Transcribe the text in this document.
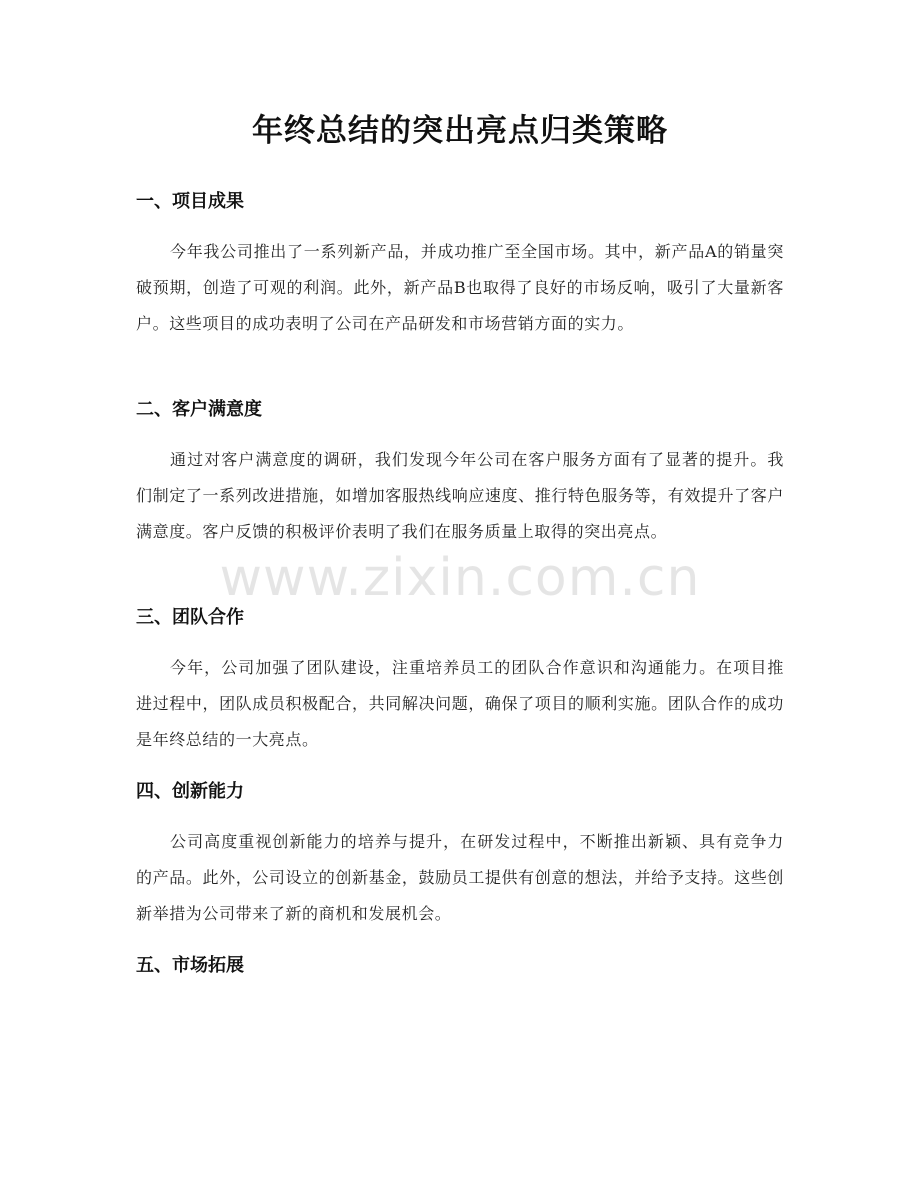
年终总结的突出亮点归类策略
一、项目成果

今年我公司推出了一系列新产品，并成功推广至全国市场。其中，新产品A的销量突破预期，创造了可观的利润。此外，新产品B也取得了良好的市场反响，吸引了大量新客户。这些项目的成功表明了公司在产品研发和市场营销方面的实力。

二、客户满意度

通过对客户满意度的调研，我们发现今年公司在客户服务方面有了显著的提升。我们制定了一系列改进措施，如增加客服热线响应速度、推行特色服务等，有效提升了客户满意度。客户反馈的积极评价表明了我们在服务质量上取得的突出亮点。

三、团队合作

今年，公司加强了团队建设，注重培养员工的团队合作意识和沟通能力。在项目推进过程中，团队成员积极配合，共同解决问题，确保了项目的顺利实施。团队合作的成功是年终总结的一大亮点。

四、创新能力

公司高度重视创新能力的培养与提升，在研发过程中，不断推出新颖、具有竞争力的产品。此外，公司设立的创新基金，鼓励员工提供有创意的想法，并给予支持。这些创新举措为公司带来了新的商机和发展机会。

五、市场拓展
www.zixin.com.cn
